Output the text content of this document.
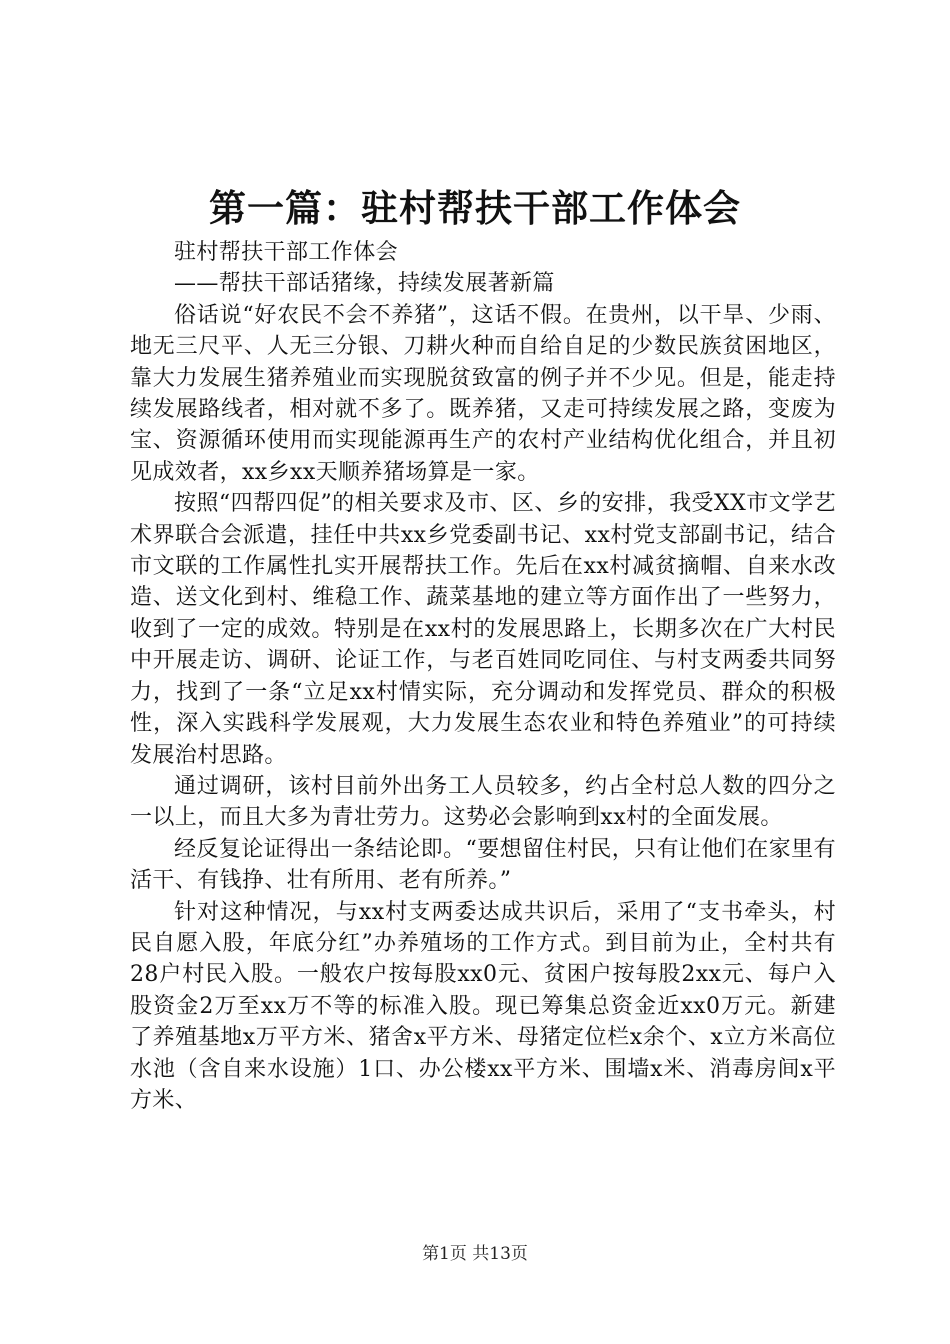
第一篇：驻村帮扶干部工作体会

驻村帮扶干部工作体会

——帮扶干部话猪缘，持续发展著新篇

俗话说“好农民不会不养猪”，这话不假。在贵州，以干旱、少雨、地无三尺平、人无三分银、刀耕火种而自给自足的少数民族贫困地区，靠大力发展生猪养殖业而实现脱贫致富的例子并不少见。但是，能走持续发展路线者，相对就不多了。既养猪，又走可持续发展之路，变废为宝、资源循环使用而实现能源再生产的农村产业结构优化组合，并且初见成效者，xx乡xx天顺养猪场算是一家。

按照“四帮四促”的相关要求及市、区、乡的安排，我受XX市文学艺术界联合会派遣，挂任中共xx乡党委副书记、xx村党支部副书记，结合市文联的工作属性扎实开展帮扶工作。先后在xx村减贫摘帽、自来水改造、送文化到村、维稳工作、蔬菜基地的建立等方面作出了一些努力，收到了一定的成效。特别是在xx村的发展思路上，长期多次在广大村民中开展走访、调研、论证工作，与老百姓同吃同住、与村支两委共同努力，找到了一条“立足xx村情实际，充分调动和发挥党员、群众的积极性，深入实践科学发展观，大力发展生态农业和特色养殖业”的可持续发展治村思路。

通过调研，该村目前外出务工人员较多，约占全村总人数的四分之一以上，而且大多为青壮劳力。这势必会影响到xx村的全面发展。

经反复论证得出一条结论即。“要想留住村民，只有让他们在家里有活干、有钱挣、壮有所用、老有所养。”

针对这种情况，与xx村支两委达成共识后，采用了“支书牵头，村民自愿入股，年底分红”办养殖场的工作方式。到目前为止，全村共有28户村民入股。一般农户按每股xx0元、贫困户按每股2xx元、每户入股资金2万至xx万不等的标准入股。现已筹集总资金近xx0万元。新建了养殖基地x万平方米、猪舍x平方米、母猪定位栏x余个、x立方米高位水池（含自来水设施）1口、办公楼xx平方米、围墙x米、消毒房间x平方米、

第1页 共13页
